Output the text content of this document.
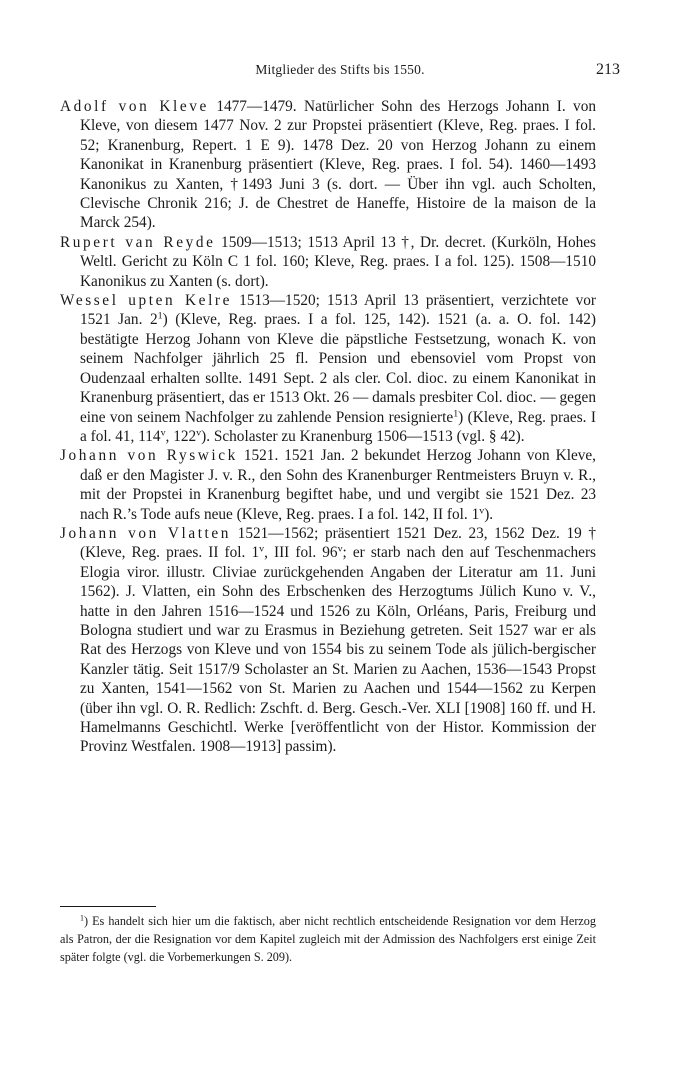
Mitglieder des Stifts bis 1550.	213

Adolf von Kleve 1477—1479. Natürlicher Sohn des Herzogs Johann I. von Kleve, von diesem 1477 Nov. 2 zur Propstei präsentiert (Kleve, Reg. praes. I fol. 52; Kranenburg, Repert. 1 E 9). 1478 Dez. 20 von Herzog Johann zu einem Kanonikat in Kranenburg präsentiert (Kleve, Reg. praes. I fol. 54). 1460—1493 Kanonikus zu Xanten, †1493 Juni 3 (s. dort. — Über ihn vgl. auch Scholten, Clevische Chronik 216; J. de Chestret de Haneffe, Histoire de la maison de la Marck 254).

Rupert van Reyde 1509—1513; 1513 April 13 †, Dr. decret. (Kurköln, Hohes Weltl. Gericht zu Köln C 1 fol. 160; Kleve, Reg. praes. I a fol. 125). 1508—1510 Kanonikus zu Xanten (s. dort).

Wessel upten Kelre 1513—1520; 1513 April 13 präsentiert, verzichtete vor 1521 Jan. $2^1$) (Kleve, Reg. praes. I a fol. 125, 142). 1521 (a. a. O. fol. 142) bestätigte Herzog Johann von Kleve die päpstliche Festsetzung, wonach K. von seinem Nachfolger jährlich 25 fl. Pension und ebensoviel vom Propst von Oudenzaal erhalten sollte. 1491 Sept. 2 als cler. Col. dioc. zu einem Kanonikat in Kranenburg präsentiert, das er 1513 Okt. 26 — damals presbiter Col. dioc. — gegen eine von seinem Nachfolger zu zahlende Pension resignierte$^1$) (Kleve, Reg. praes. I a fol. 41, 114$^v$, 122$^v$). Scholaster zu Kranenburg 1506—1513 (vgl. § 42).

Johann von Ryswick 1521. 1521 Jan. 2 bekundet Herzog Johann von Kleve, daß er den Magister J. v. R., den Sohn des Kranenburger Rentmeisters Bruyn v. R., mit der Propstei in Kranenburg begiftet habe, und und vergibt sie 1521 Dez. 23 nach R.’s Tode aufs neue (Kleve, Reg. praes. I a fol. 142, II fol. 1$^v$).

Johann von Vlatten 1521—1562; präsentiert 1521 Dez. 23, 1562 Dez. 19 † (Kleve, Reg. praes. II fol. 1$^v$, III fol. 96$^v$; er starb nach den auf Teschenmachers Elogia viror. illustr. Cliviae zurückgehenden Angaben der Literatur am 11. Juni 1562). J. Vlatten, ein Sohn des Erbschenken des Herzogtums Jülich Kuno v. V., hatte in den Jahren 1516—1524 und 1526 zu Köln, Orléans, Paris, Freiburg und Bologna studiert und war zu Erasmus in Beziehung getreten. Seit 1527 war er als Rat des Herzogs von Kleve und von 1554 bis zu seinem Tode als jülich-bergischer Kanzler tätig. Seit 1517/9 Scholaster an St. Marien zu Aachen, 1536—1543 Propst zu Xanten, 1541—1562 von St. Marien zu Aachen und 1544—1562 zu Kerpen (über ihn vgl. O. R. Redlich: Zschft. d. Berg. Gesch.-Ver. XLI [1908] 160 ff. und H. Hamelmanns Geschichtl. Werke [veröffentlicht von der Histor. Kommission der Provinz Westfalen. 1908—1913] passim).

$^1$) Es handelt sich hier um die faktisch, aber nicht rechtlich entscheidende Resignation vor dem Herzog als Patron, der die Resignation vor dem Kapitel zugleich mit der Admission des Nachfolgers erst einige Zeit später folgte (vgl. die Vorbemerkungen S. 209).
